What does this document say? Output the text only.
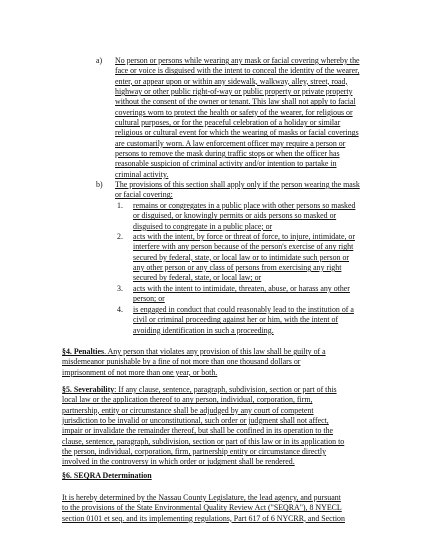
a) No person or persons while wearing any mask or facial covering whereby the
face or voice is disguised with the intent to conceal the identity of the wearer,
enter, or appear upon or within any sidewalk, walkway, alley, street, road,
highway or other public right-of-way or public property or private property
without the consent of the owner or tenant. This law shall not apply to facial
coverings worn to protect the health or safety of the wearer, for religious or
cultural purposes, or for the peaceful celebration of a holiday or similar
religious or cultural event for which the wearing of masks or facial coverings
are customarily worn. A law enforcement officer may require a person or
persons to remove the mask during traffic stops or when the officer has
reasonable suspicion of criminal activity and/or intention to partake in
criminal activity.
b) The provisions of this section shall apply only if the person wearing the mask
or facial covering:
1. remains or congregates in a public place with other persons so masked
or disguised, or knowingly permits or aids persons so masked or
disguised to congregate in a public place; or
2. acts with the intent, by force or threat of force, to injure, intimidate, or
interfere with any person because of the person's exercise of any right
secured by federal, state, or local law or to intimidate such person or
any other person or any class of persons from exercising any right
secured by federal, state, or local law; or
3. acts with the intent to intimidate, threaten, abuse, or harass any other
person; or
4. is engaged in conduct that could reasonably lead to the institution of a
civil or criminal proceeding against her or him, with the intent of
avoiding identification in such a proceeding.
§4. Penalties. Any person that violates any provision of this law shall be guilty of a
misdemeanor punishable by a fine of not more than one thousand dollars or
imprisonment of not more than one year, or both.
§5. Severability: If any clause, sentence, paragraph, subdivision, section or part of this
local law or the application thereof to any person, individual, corporation, firm,
partnership, entity or circumstance shall be adjudged by any court of competent
jurisdiction to be invalid or unconstitutional, such order or judgment shall not affect,
impair or invalidate the remainder thereof, but shall be confined in its operation to the
clause, sentence, paragraph, subdivision, section or part of this law or in its application to
the person, individual, corporation, firm, partnership entity or circumstance directly
involved in the controversy in which order or judgment shall be rendered.
§6. SEQRA Determination
It is hereby determined by the Nassau County Legislature, the lead agency, and pursuant
to the provisions of the State Environmental Quality Review Act ("SEQRA"), 8 NYECL
section 0101 et seq. and its implementing regulations, Part 617 of 6 NYCRR, and Section
